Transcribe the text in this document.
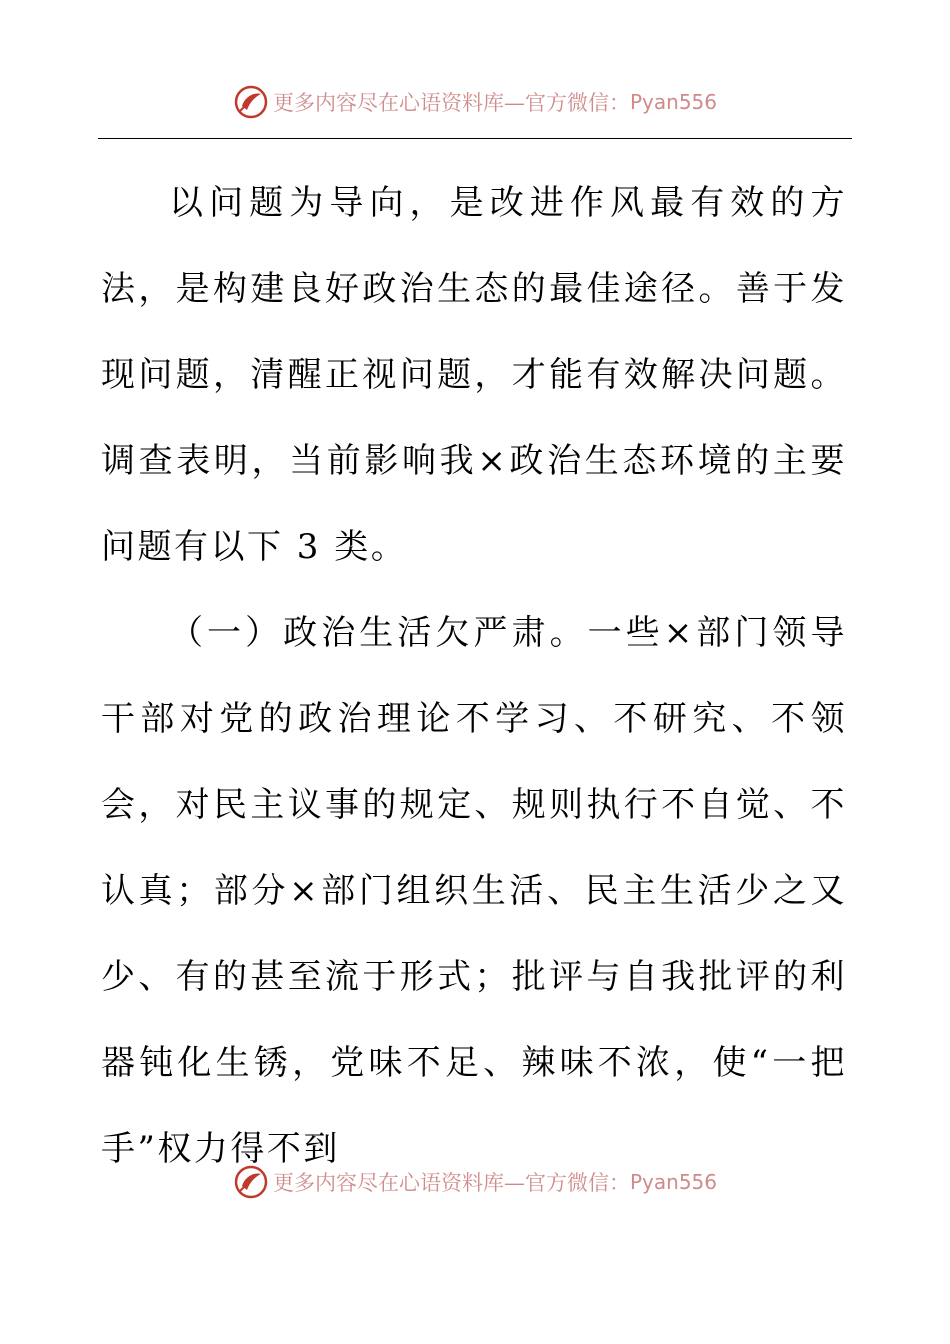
更多内容尽在心语资料库—官方微信： Pyan556

以问题为导向，是改进作风最有效的方法，是构建良好政治生态的最佳途径。善于发现问题，清醒正视问题，才能有效解决问题。调查表明，当前影响我×政治生态环境的主要问题有以下 3 类。

（一）政治生活欠严肃。一些×部门领导干部对党的政治理论不学习、不研究、不领会，对民主议事的规定、规则执行不自觉、不认真；部分×部门组织生活、民主生活少之又少、有的甚至流于形式；批评与自我批评的利器钝化生锈，党味不足、辣味不浓，使“一把手”权力得不到

更多内容尽在心语资料库—官方微信： Pyan556
